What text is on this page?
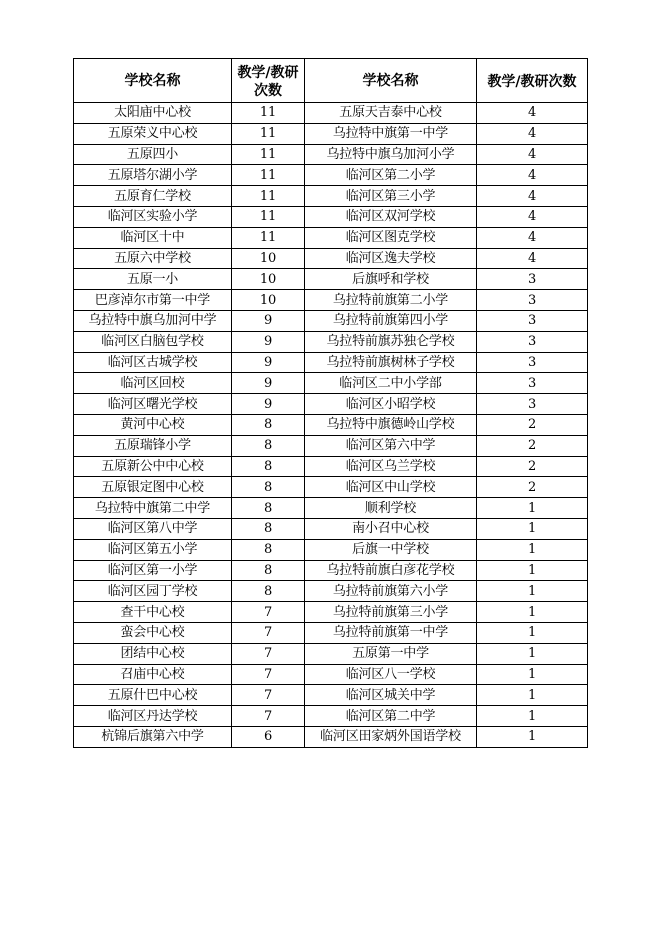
学校名称	教学/教研次数	学校名称	教学/教研次数
太阳庙中心校	11	五原天吉泰中心校	4
五原荣义中心校	11	乌拉特中旗第一中学	4
五原四小	11	乌拉特中旗乌加河小学	4
五原塔尔湖小学	11	临河区第二小学	4
五原育仁学校	11	临河区第三小学	4
临河区实验小学	11	临河区双河学校	4
临河区十中	11	临河区图克学校	4
五原六中学校	10	临河区逸夫学校	4
五原一小	10	后旗呼和学校	3
巴彦淖尔市第一中学	10	乌拉特前旗第二小学	3
乌拉特中旗乌加河中学	9	乌拉特前旗第四小学	3
临河区白脑包学校	9	乌拉特前旗苏独仑学校	3
临河区古城学校	9	乌拉特前旗树林子学校	3
临河区回校	9	临河区二中小学部	3
临河区曙光学校	9	临河区小昭学校	3
黄河中心校	8	乌拉特中旗德岭山学校	2
五原瑞锋小学	8	临河区第六中学	2
五原新公中中心校	8	临河区乌兰学校	2
五原银定图中心校	8	临河区中山学校	2
乌拉特中旗第二中学	8	顺利学校	1
临河区第八中学	8	南小召中心校	1
临河区第五小学	8	后旗一中学校	1
临河区第一小学	8	乌拉特前旗白彦花学校	1
临河区园丁学校	8	乌拉特前旗第六小学	1
查干中心校	7	乌拉特前旗第三小学	1
蛮会中心校	7	乌拉特前旗第一中学	1
团结中心校	7	五原第一中学	1
召庙中心校	7	临河区八一学校	1
五原什巴中心校	7	临河区城关中学	1
临河区丹达学校	7	临河区第二中学	1
杭锦后旗第六中学	6	临河区田家炳外国语学校	1
